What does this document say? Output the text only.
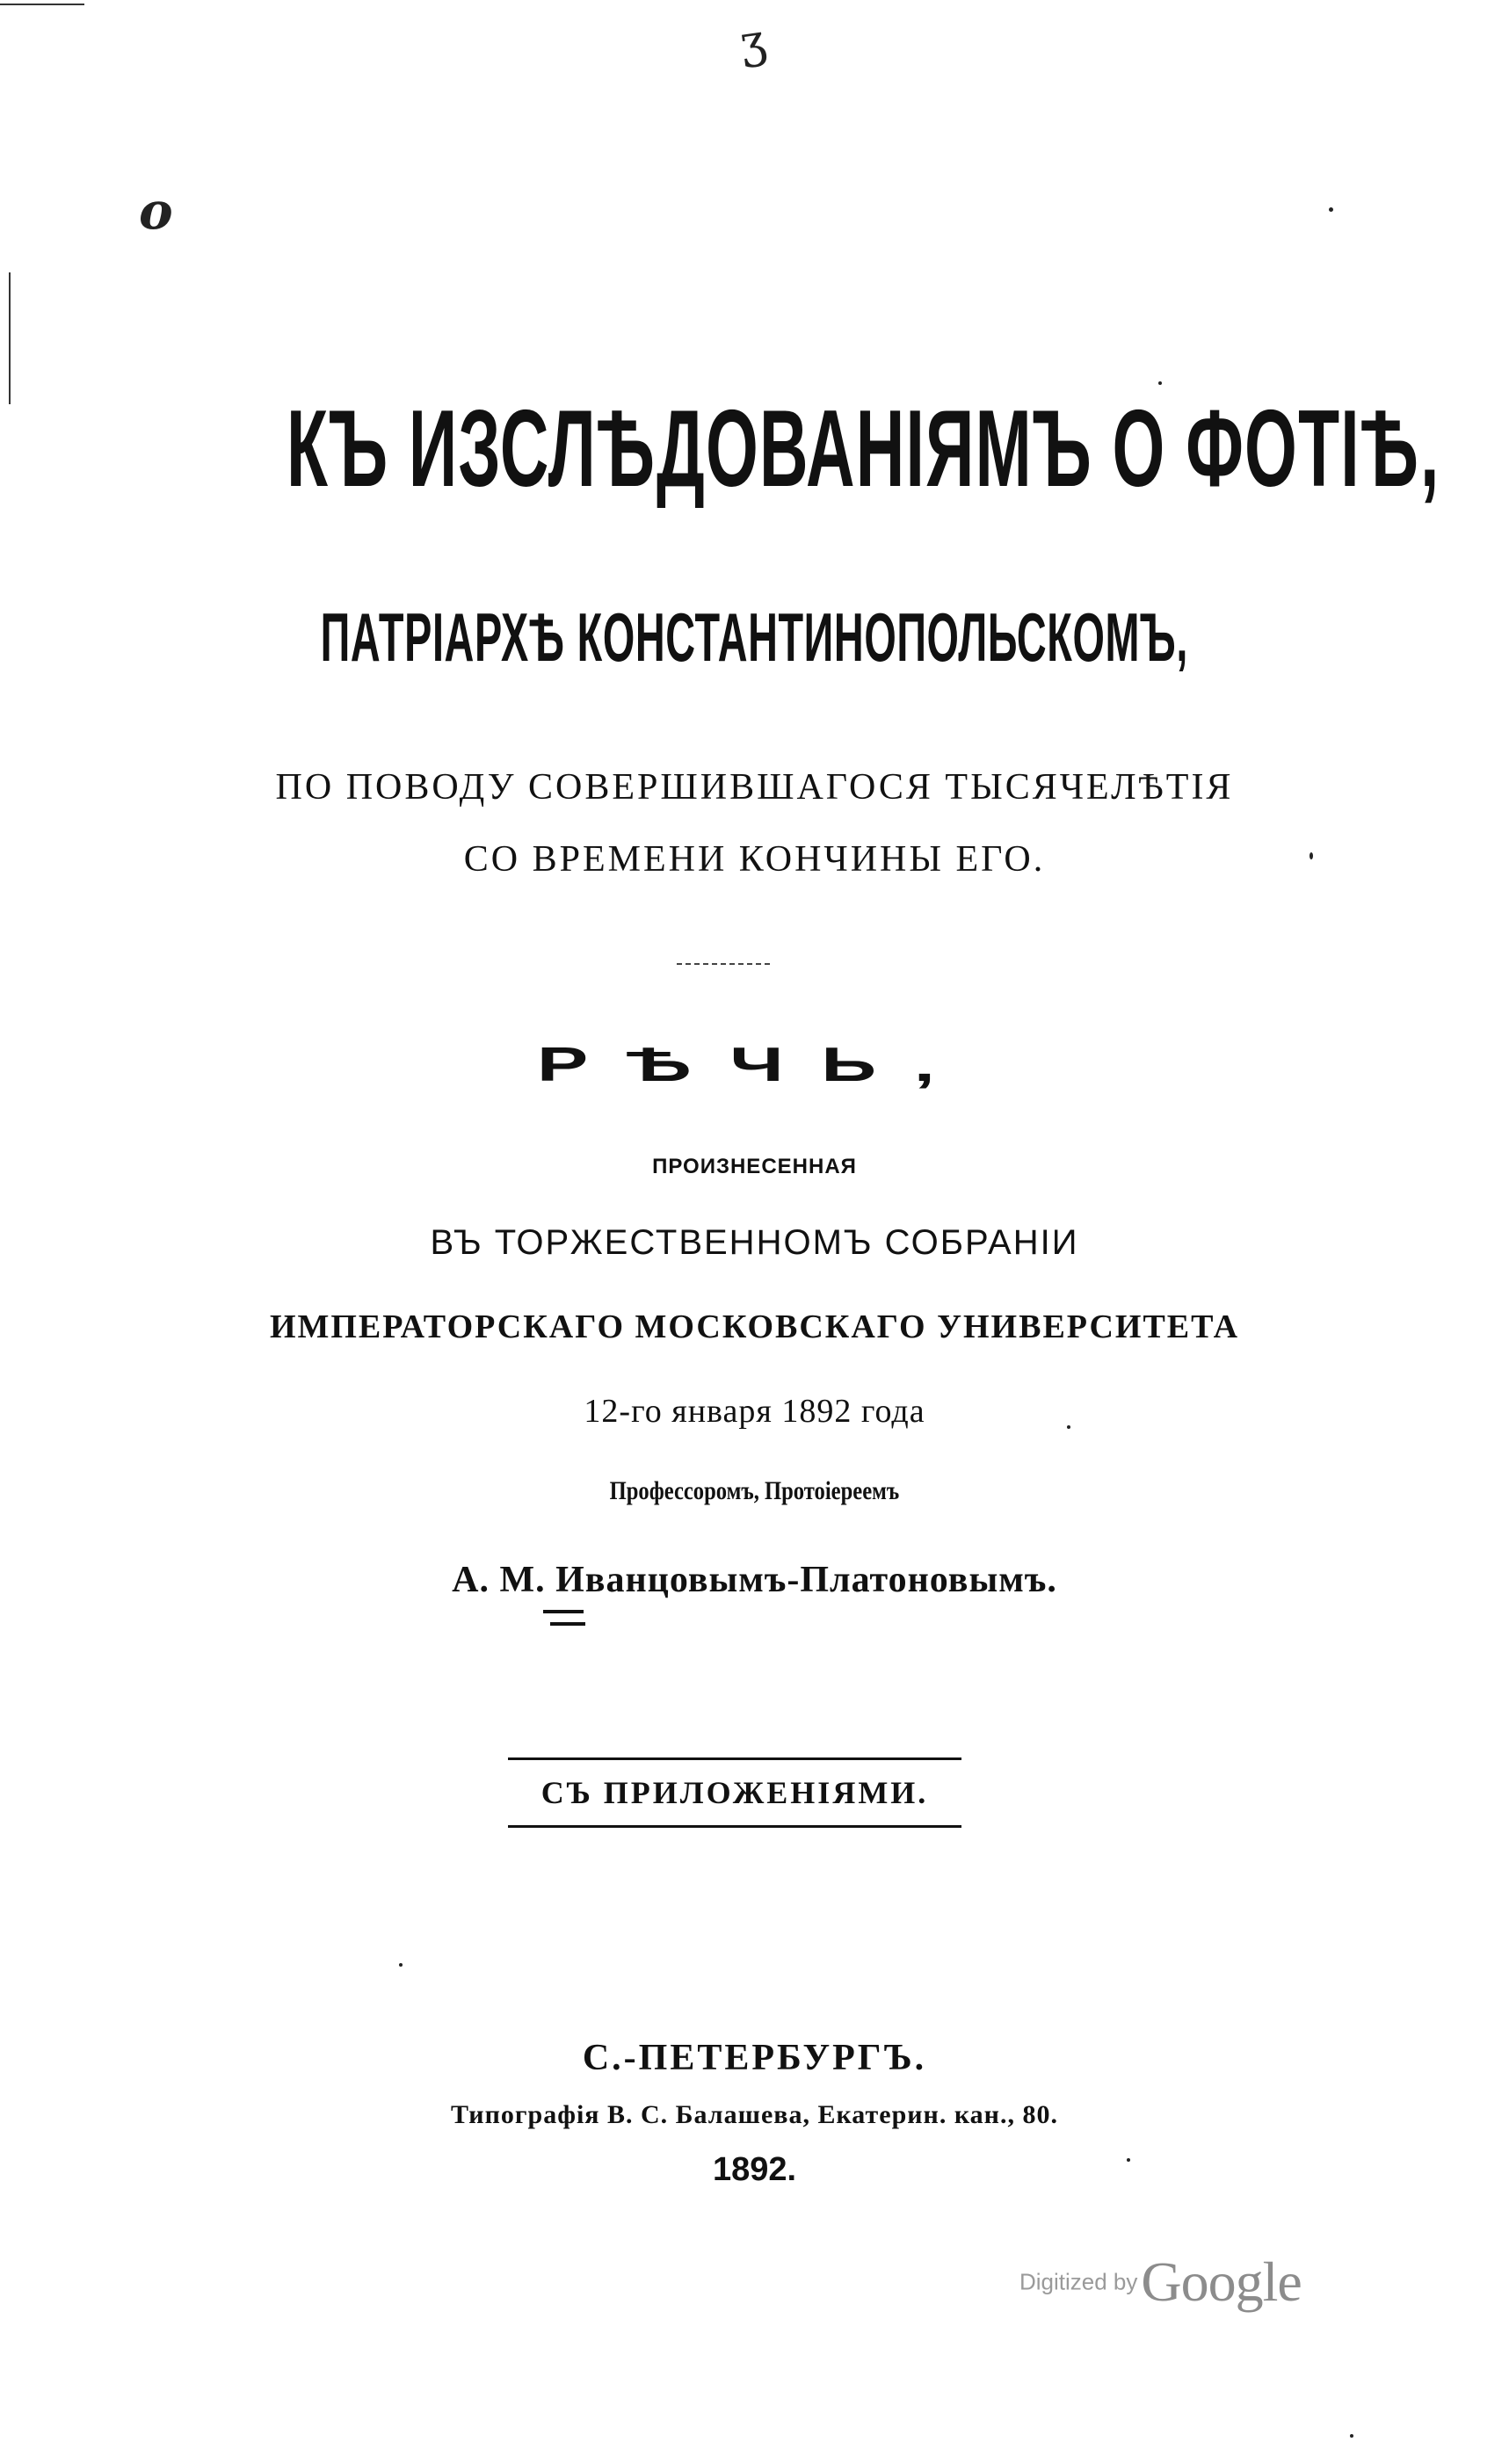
ʒ
o
КЪ ИЗСЛѢДОВАНІЯМЪ О ФОТІѢ,
ПАТРІАРХѢ КОНСТАНТИНОПОЛЬСКОМЪ,
ПО ПОВОДУ СОВЕРШИВШАГОСЯ ТЫСЯЧЕЛѢТІЯ
СО ВРЕМЕНИ КОНЧИНЫ ЕГО.
РѢЧЬ,
ПРОИЗНЕСЕННАЯ
ВЪ ТОРЖЕСТВЕННОМЪ СОБРАНІИ
ИМПЕРАТОРСКАГО МОСКОВСКАГО УНИВЕРСИТЕТА
12-го января 1892 года
Профессоромъ, Протоіереемъ
А. М. Иванцовымъ-Платоновымъ.
СЪ ПРИЛОЖЕНІЯМИ.
С.-ПЕТЕРБУРГЪ.
Типографія В. С. Балашева, Екатерин. кан., 80.
1892.
Digitized by Google
